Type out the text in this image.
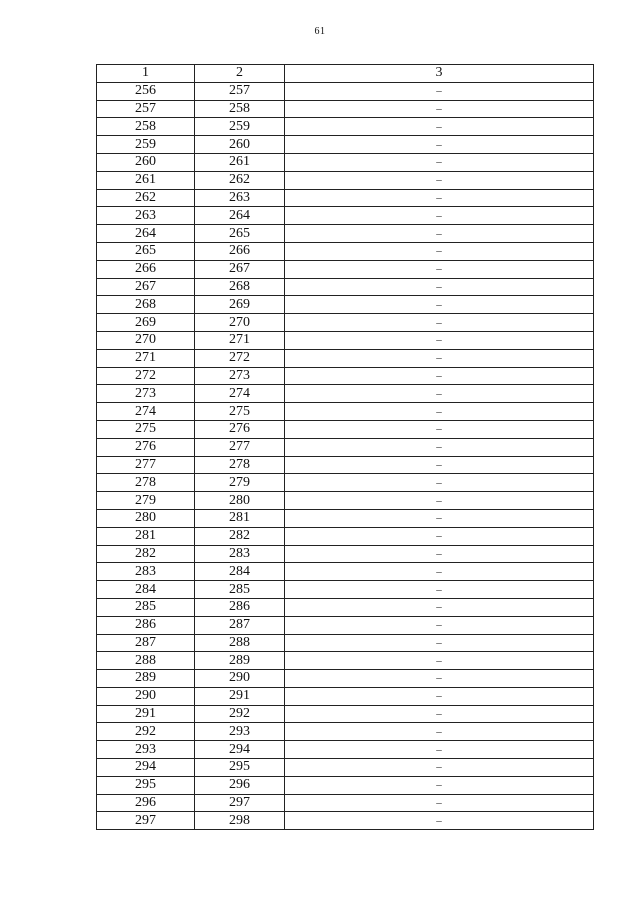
61
1	2	3
256	257	–
257	258	–
258	259	–
259	260	–
260	261	–
261	262	–
262	263	–
263	264	–
264	265	–
265	266	–
266	267	–
267	268	–
268	269	–
269	270	–
270	271	–
271	272	–
272	273	–
273	274	–
274	275	–
275	276	–
276	277	–
277	278	–
278	279	–
279	280	–
280	281	–
281	282	–
282	283	–
283	284	–
284	285	–
285	286	–
286	287	–
287	288	–
288	289	–
289	290	–
290	291	–
291	292	–
292	293	–
293	294	–
294	295	–
295	296	–
296	297	–
297	298	–
